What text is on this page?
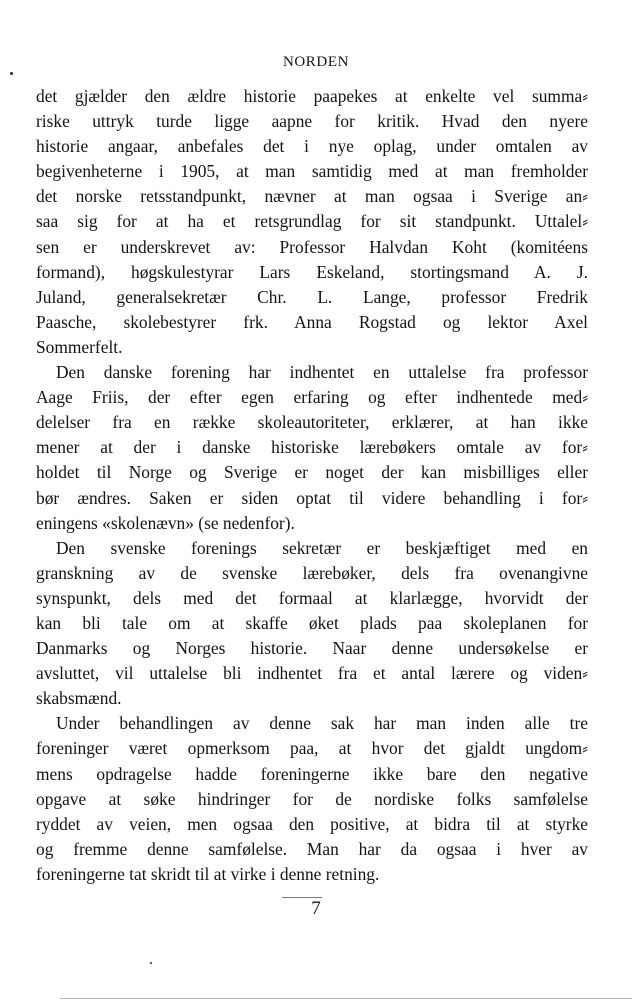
NORDEN
det gjælder den ældre historie paapekes at enkelte vel summa⸗
riske uttryk turde ligge aapne for kritik. Hvad den nyere
historie angaar, anbefales det i nye oplag, under omtalen av
begivenheterne i 1905, at man samtidig med at man fremholder
det norske retsstandpunkt, nævner at man ogsaa i Sverige an⸗
saa sig for at ha et retsgrundlag for sit standpunkt. Uttalel⸗
sen er underskrevet av: Professor Halvdan Koht (komitéens
formand), høgskulestyrar Lars Eskeland, stortingsmand A. J.
Juland, generalsekretær Chr. L. Lange, professor Fredrik
Paasche, skolebestyrer frk. Anna Rogstad og lektor Axel
Sommerfelt.
Den danske forening har indhentet en uttalelse fra professor
Aage Friis, der efter egen erfaring og efter indhentede med⸗
delelser fra en række skoleautoriteter, erklærer, at han ikke
mener at der i danske historiske lærebøkers omtale av for⸗
holdet til Norge og Sverige er noget der kan misbilliges eller
bør ændres. Saken er siden optat til videre behandling i for⸗
eningens «skolenævn» (se nedenfor).
Den svenske forenings sekretær er beskjæftiget med en
granskning av de svenske lærebøker, dels fra ovenangivne
synspunkt, dels med det formaal at klarlægge, hvorvidt der
kan bli tale om at skaffe øket plads paa skoleplanen for
Danmarks og Norges historie. Naar denne undersøkelse er
avsluttet, vil uttalelse bli indhentet fra et antal lærere og viden⸗
skabsmænd.
Under behandlingen av denne sak har man inden alle tre
foreninger været opmerksom paa, at hvor det gjaldt ungdom⸗
mens opdragelse hadde foreningerne ikke bare den negative
opgave at søke hindringer for de nordiske folks samfølelse
ryddet av veien, men ogsaa den positive, at bidra til at styrke
og fremme denne samfølelse. Man har da ogsaa i hver av
foreningerne tat skridt til at virke i denne retning.
7
